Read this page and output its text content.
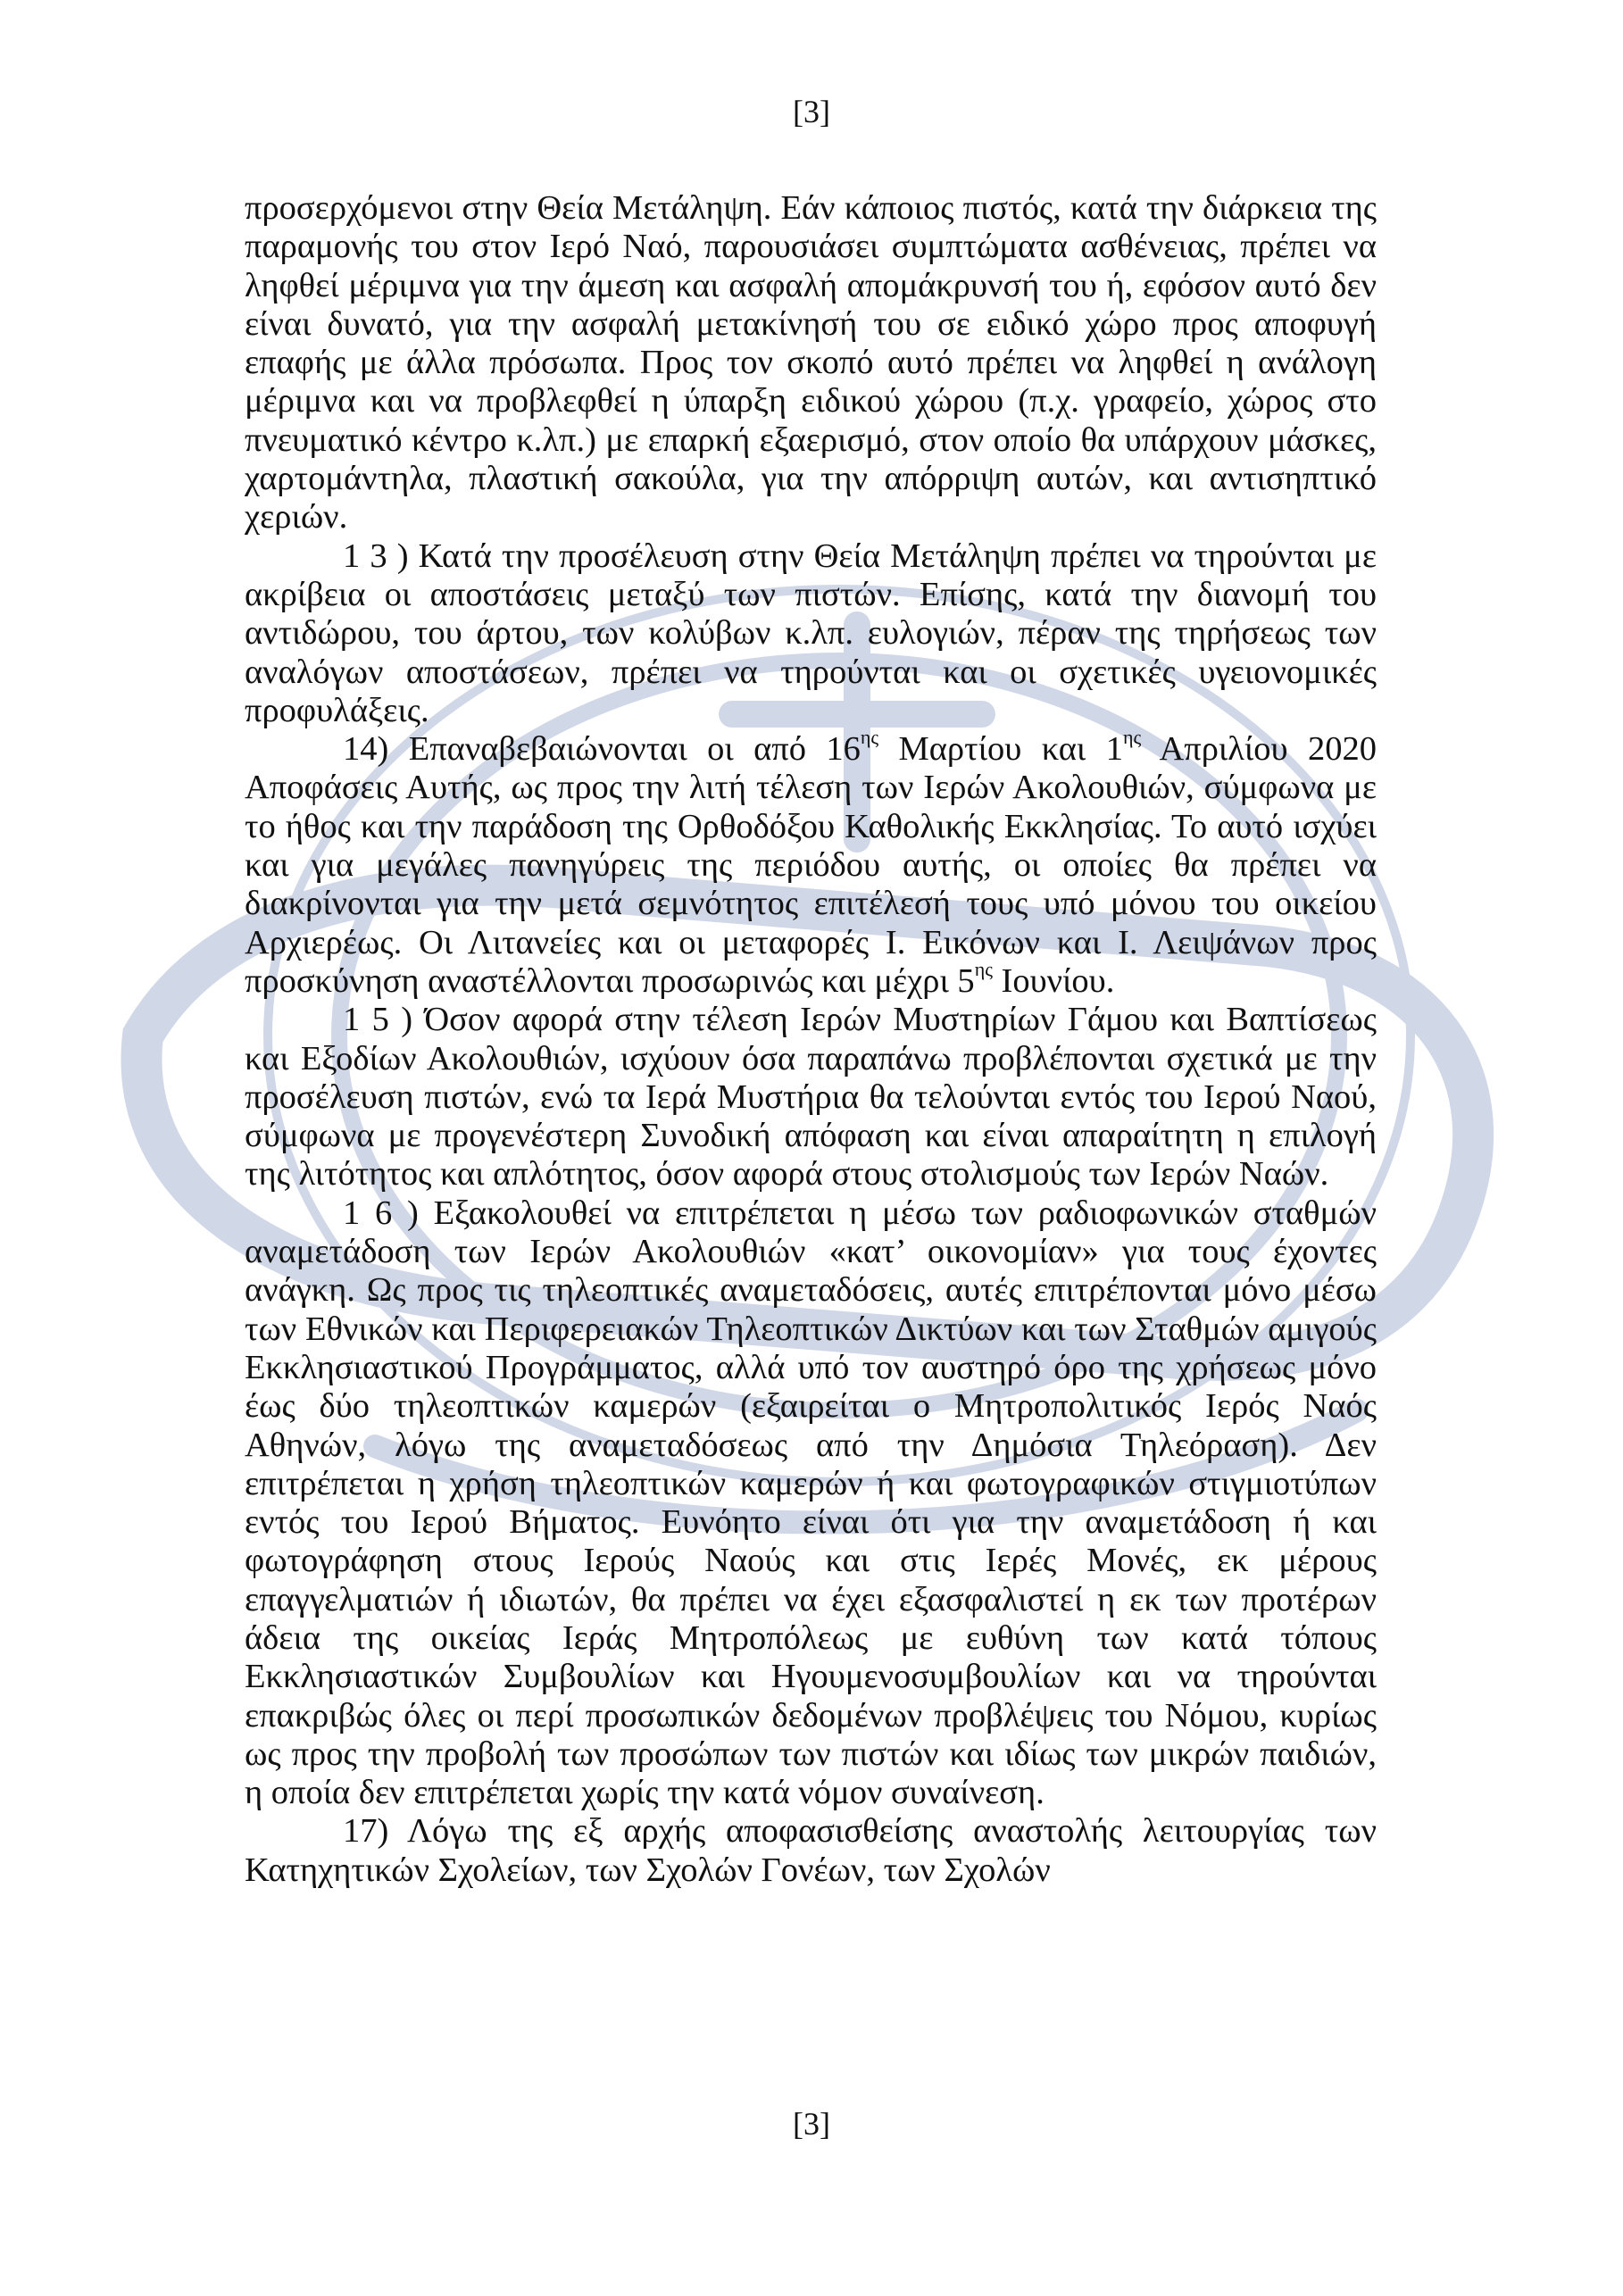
[3]

προσερχόμενοι στην Θεία Μετάληψη. Εάν κάποιος πιστός, κατά την διάρκεια της παραμονής του στον Ιερό Ναό, παρουσιάσει συμπτώματα ασθένειας, πρέπει να ληφθεί μέριμνα για την άμεση και ασφαλή απομάκρυνσή του ή, εφόσον αυτό δεν είναι δυνατό, για την ασφαλή μετακίνησή του σε ειδικό χώρο προς αποφυγή επαφής με άλλα πρόσωπα. Προς τον σκοπό αυτό πρέπει να ληφθεί η ανάλογη μέριμνα και να προβλεφθεί η ύπαρξη ειδικού χώρου (π.χ. γραφείο, χώρος στο πνευματικό κέντρο κ.λπ.) με επαρκή εξαερισμό, στον οποίο θα υπάρχουν μάσκες, χαρτομάντηλα, πλαστική σακούλα, για την απόρριψη αυτών, και αντισηπτικό χεριών.

1 3 ) Κατά την προσέλευση στην Θεία Μετάληψη πρέπει να τηρούνται με ακρίβεια οι αποστάσεις μεταξύ των πιστών. Επίσης, κατά την διανομή του αντιδώρου, του άρτου, των κολύβων κ.λπ. ευλογιών, πέραν της τηρήσεως των αναλόγων αποστάσεων, πρέπει να τηρούνται και οι σχετικές υγειονομικές προφυλάξεις.

14) Επαναβεβαιώνονται οι από $16^{\eta\varsigma}$ Μαρτίου και $1^{\eta\varsigma}$ Απριλίου 2020 Αποφάσεις Αυτής, ως προς την λιτή τέλεση των Ιερών Ακολουθιών, σύμφωνα με το ήθος και την παράδοση της Ορθοδόξου Καθολικής Εκκλησίας. Το αυτό ισχύει και για μεγάλες πανηγύρεις της περιόδου αυτής, οι οποίες θα πρέπει να διακρίνονται για την μετά σεμνότητος επιτέλεσή τους υπό μόνου του οικείου Αρχιερέως. Οι Λιτανείες και οι μεταφορές Ι. Εικόνων και Ι. Λειψάνων προς προσκύνηση αναστέλλονται προσωρινώς και μέχρι $5^{\eta\varsigma}$ Ιουνίου.

1 5 ) Όσον αφορά στην τέλεση Ιερών Μυστηρίων Γάμου και Βαπτίσεως και Εξοδίων Ακολουθιών, ισχύουν όσα παραπάνω προβλέπονται σχετικά με την προσέλευση πιστών, ενώ τα Ιερά Μυστήρια θα τελούνται εντός του Ιερού Ναού, σύμφωνα με προγενέστερη Συνοδική απόφαση και είναι απαραίτητη η επιλογή της λιτότητος και απλότητος, όσον αφορά στους στολισμούς των Ιερών Ναών.

1 6 ) Εξακολουθεί να επιτρέπεται η μέσω των ραδιοφωνικών σταθμών αναμετάδοση των Ιερών Ακολουθιών «κατ’ οικονομίαν» για τους έχοντες ανάγκη. Ως προς τις τηλεοπτικές αναμεταδόσεις, αυτές επιτρέπονται μόνο μέσω των Εθνικών και Περιφερειακών Τηλεοπτικών Δικτύων και των Σταθμών αμιγούς Εκκλησιαστικού Προγράμματος, αλλά υπό τον αυστηρό όρο της χρήσεως μόνο έως δύο τηλεοπτικών καμερών (εξαιρείται ο Μητροπολιτικός Ιερός Ναός Αθηνών, λόγω της αναμεταδόσεως από την Δημόσια Τηλεόραση). Δεν επιτρέπεται η χρήση τηλεοπτικών καμερών ή και φωτογραφικών στιγμιοτύπων εντός του Ιερού Βήματος. Ευνόητο είναι ότι για την αναμετάδοση ή και φωτογράφηση στους Ιερούς Ναούς και στις Ιερές Μονές, εκ μέρους επαγγελματιών ή ιδιωτών, θα πρέπει να έχει εξασφαλιστεί η εκ των προτέρων άδεια της οικείας Ιεράς Μητροπόλεως με ευθύνη των κατά τόπους Εκκλησιαστικών Συμβουλίων και Ηγουμενοσυμβουλίων και να τηρούνται επακριβώς όλες οι περί προσωπικών δεδομένων προβλέψεις του Νόμου, κυρίως ως προς την προβολή των προσώπων των πιστών και ιδίως των μικρών παιδιών, η οποία δεν επιτρέπεται χωρίς την κατά νόμον συναίνεση.

17) Λόγω της εξ αρχής αποφασισθείσης αναστολής λειτουργίας των Κατηχητικών Σχολείων, των Σχολών Γονέων, των Σχολών

[3]
